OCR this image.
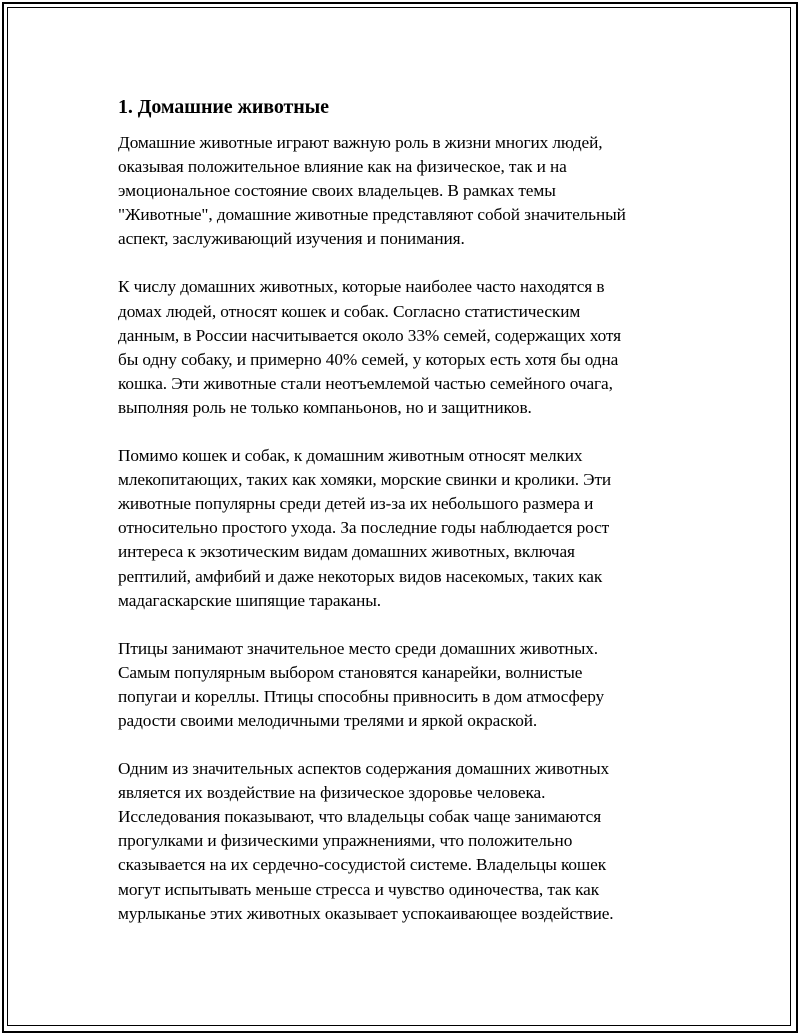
1. Домашние животные

Домашние животные играют важную роль в жизни многих людей,
оказывая положительное влияние как на физическое, так и на
эмоциональное состояние своих владельцев. В рамках темы
"Животные", домашние животные представляют собой значительный
аспект, заслуживающий изучения и понимания.

К числу домашних животных, которые наиболее часто находятся в
домах людей, относят кошек и собак. Согласно статистическим
данным, в России насчитывается около 33% семей, содержащих хотя
бы одну собаку, и примерно 40% семей, у которых есть хотя бы одна
кошка. Эти животные стали неотъемлемой частью семейного очага,
выполняя роль не только компаньонов, но и защитников.

Помимо кошек и собак, к домашним животным относят мелких
млекопитающих, таких как хомяки, морские свинки и кролики. Эти
животные популярны среди детей из-за их небольшого размера и
относительно простого ухода. За последние годы наблюдается рост
интереса к экзотическим видам домашних животных, включая
рептилий, амфибий и даже некоторых видов насекомых, таких как
мадагаскарские шипящие тараканы.

Птицы занимают значительное место среди домашних животных.
Самым популярным выбором становятся канарейки, волнистые
попугаи и кореллы. Птицы способны привносить в дом атмосферу
радости своими мелодичными трелями и яркой окраской.

Одним из значительных аспектов содержания домашних животных
является их воздействие на физическое здоровье человека.
Исследования показывают, что владельцы собак чаще занимаются
прогулками и физическими упражнениями, что положительно
сказывается на их сердечно-сосудистой системе. Владельцы кошек
могут испытывать меньше стресса и чувство одиночества, так как
мурлыканье этих животных оказывает успокаивающее воздействие.
